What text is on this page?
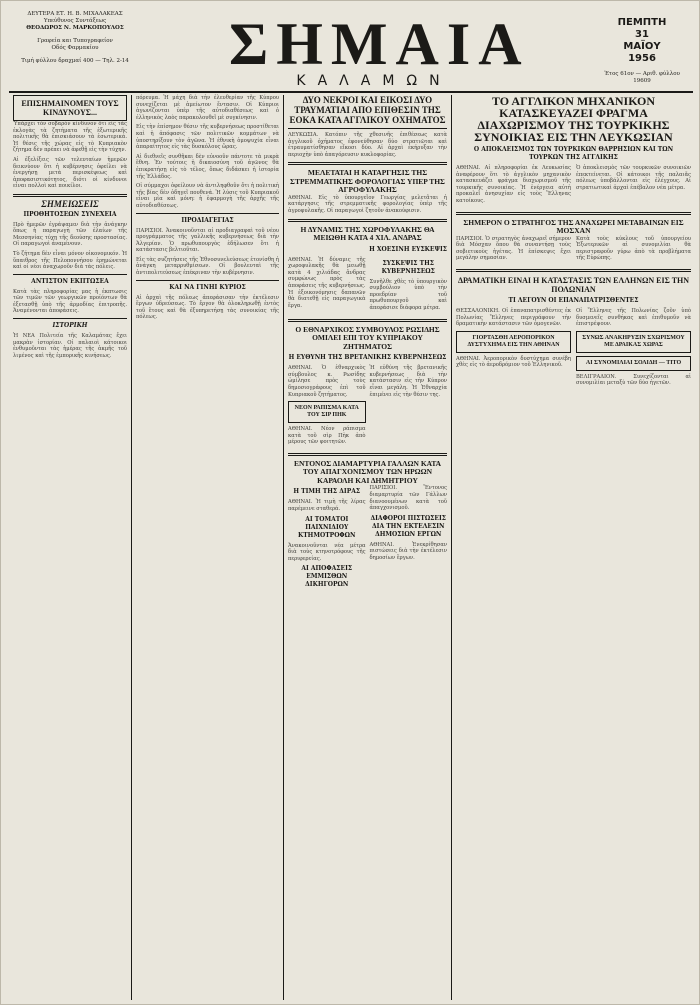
ΔΕΥΤΕΡΑ ΕΤ. Η. Β. ΜΙΧΑΛΑΚΕΑΣ
Υπεύθυνος Συντάξεως
ΘΕΟΔΩΡΟΣ Ν. ΜΑΡΚΟΠΟΥΛΟΣ
Γραφεία και Τυπογραφείον
Οδός Φαρμακίου
Τιμή φύλλου δραχμαί 400 — Τηλ. 2-14 ΣΗΜΑΙΑ
ΚΑΛΑΜΩΝ
ΠΕΜΠΤΗ
31
ΜΑΪΟΥ
1956
Έτος 61ον — Αριθ. φύλλου 19609
ΕΠΙΣΗΜΑΙΝΟΜΕΝ ΤΟΥΣ ΚΙΝΔΥΝΟΥΣ...

Ὑπάρχει τὸν σοβαρὸν κίνδυνον ὅτι εἰς τὰς ἐκλογὰς τὰ ζητήματα τῆς ἐξωτερικῆς πολιτικῆς θὰ ἐπισκιάσουν τὰ ἐσωτερικά. Ἡ θέσις τῆς χώρας εἰς τὸ Κυπριακὸν ζήτημα δὲν πρέπει νὰ ἀφεθῇ εἰς τὴν τύχην.

Αἱ ἐξελίξεις τῶν τελευταίων ἡμερῶν δεικνύουν ὅτι ἡ κυβέρνησις ὀφείλει νὰ ἐνεργήσῃ μετὰ περισκέψεως καὶ ἀποφασιστικότητος, διότι οἱ κίνδυνοι εἶναι πολλοὶ καὶ ποικίλοι.

ΣΗΜΕΙΩΣΕΙΣ
ΠΡΟΘΗΤΟΣΕΩΝ ΣΥΝΕΧΕΙΑ

Πρὸ ἡμερῶν ἐγράψαμεν διὰ τὴν ἀνάγκην ὅπως ἡ παραγωγὴ τῶν ἐλαίων τῆς Μεσσηνίας τύχῃ τῆς δεούσης προστασίας. Οἱ παραγωγοὶ ἀναμένουν.

Τὸ ζήτημα δὲν εἶναι μόνον οἰκονομικόν. Ἡ ὕπαιθρος τῆς Πελοποννήσου ἐρημώνεται καὶ οἱ νέοι ἀναχωροῦν διὰ τὰς πόλεις.

ΑΝΤΙΣΤΟΝ ΕΚΠΤΩΣΕΑ

Κατὰ τὰς πληροφορίας μας ἡ ἐκπτωσις τῶν τιμῶν τῶν γεωργικῶν προϊόντων θὰ ἐξετασθῇ ὑπὸ τῆς ἁρμοδίας ἐπιτροπῆς. Ἀναμένονται ἀποφάσεις.

ΙΣΤΟΡΙΚΗ

Ἡ ΝΕΑ Πολιτεία τῆς Καλαμάτας ἔχει μακρὰν ἱστορίαν. Οἱ παλαιοὶ κάτοικοι ἐνθυμοῦνται τὰς ἡμέρας τῆς ἀκμῆς τοῦ λιμένος καὶ τῆς ἐμπορικῆς κινήσεως.

πόρευμα. Ἡ μάχη διὰ τὴν ἐλευθερίαν τῆς Κύπρου συνεχίζεται μὲ ἀμείωτον ἔντασιν. Οἱ Κύπριοι ἀγωνίζονται ὑπὲρ τῆς αὐτοδιαθέσεως καὶ ὁ ἑλληνικὸς λαὸς παρακολουθεῖ μὲ συγκίνησιν.

Εἰς τὴν ἐπίσημον θέσιν τῆς κυβερνήσεως προστίθεται καὶ ἡ ἀπόφασις τῶν πολιτικῶν κομμάτων νὰ ὑποστηρίξουν τὸν ἀγῶνα. Ἡ ἐθνικὴ ὁμοψυχία εἶναι ἀπαραίτητος εἰς τὰς δυσκόλους ὥρας.

Αἱ διεθνεῖς συνθῆκαι δὲν εὐνοοῦν πάντοτε τὰ μικρὰ ἔθνη. Ἐν τούτοις ἡ δικαιοσύνη τοῦ ἀγῶνος θὰ ἐπικρατήσῃ εἰς τὸ τέλος, ὅπως διδάσκει ἡ ἱστορία τῆς Ἑλλάδος.

Οἱ σύμμαχοι ὀφείλουν νὰ ἀντιληφθοῦν ὅτι ἡ πολιτικὴ τῆς βίας δὲν ὁδηγεῖ πουθενά. Ἡ λύσις τοῦ Κυπριακοῦ εἶναι μία καὶ μόνη: ἡ ἐφαρμογὴ τῆς ἀρχῆς τῆς αὐτοδιαθέσεως.

ΠΡΟΔΙΑΓΕΓΙΑΣ

ΠΑΡΙΣΙΟΙ. Ἀνακοινοῦνται αἱ προδιαγραφαὶ τοῦ νέου προγράμματος τῆς γαλλικῆς κυβερνήσεως διὰ τὴν Ἀλγερίαν. Ὁ πρωθυπουργὸς ἐδήλωσεν ὅτι ἡ κατάστασις βελτιοῦται.

Εἰς τὰς συζητήσεις τῆς Ἐθνοσυνελεύσεως ἐτονίσθη ἡ ἀνάγκη μεταρρυθμίσεων. Οἱ βουλευταὶ τῆς ἀντιπολιτεύσεως ἐπέκριναν τὴν κυβέρνησιν.

ΚΑΙ ΝΑ ΓΙΝΗΙ ΚΥΡΙΟΣ

Αἱ ἀρχαὶ τῆς πόλεως ἀπεφάσισαν τὴν ἐκτέλεσιν ἔργων ὑδρεύσεως. Τὸ ἔργον θὰ ὁλοκληρωθῇ ἐντὸς τοῦ ἔτους καὶ θὰ ἐξυπηρετήσῃ τὰς συνοικίας τῆς πόλεως.

ΔΥΟ ΝΕΚΡΟΙ ΚΑΙ ΕΙΚΟΣΙ ΔΥΟ ΤΡΑΥΜΑΤΙΑΙ ΑΠΟ ΕΠΙΘΕΣΙΝ ΤΗΣ ΕΟΚΑ ΚΑΤΑ ΑΓΓΛΙΚΟΥ ΟΧΗΜΑΤΟΣ

ΛΕΥΚΩΣΙΑ. Κατόπιν τῆς χθεσινῆς ἐπιθέσεως κατὰ ἀγγλικοῦ ὀχήματος ἐφονεύθησαν δύο στρατιῶται καὶ ἐτραυματίσθησαν εἴκοσι δύο. Αἱ ἀρχαὶ ἐκήρυξαν τὴν περιοχὴν ὑπὸ ἀπαγόρευσιν κυκλοφορίας.

ΜΕΛΕΤΑΤΑΙ Η ΚΑΤΑΡΓΗΣΙΣ ΤΗΣ ΣΤΡΕΜΜΑΤΙΚΗΣ ΦΟΡΟΛΟΓΙΑΣ ΥΠΕΡ ΤΗΣ ΑΓΡΟΦΥΛΑΚΗΣ

ΑΘΗΝΑΙ. Εἰς τὸ ὑπουργεῖον Γεωργίας μελετᾶται ἡ κατάργησις τῆς στρεμματικῆς φορολογίας ὑπὲρ τῆς ἀγροφυλακῆς. Οἱ παραγωγοὶ ζητοῦν ἀνακούφισιν.

Η ΔΥΝΑΜΙΣ ΤΗΣ ΧΩΡΟΦΥΛΑΚΗΣ ΘΑ ΜΕΙΩΘΗ ΚΑΤΑ 4 ΧΙΛ. ΑΝΔΡΑΣ
Η ΧΟΕΣΙΝΗ ΕΥΣΚΕΨΙΣ

ΑΘΗΝΑΙ. Ἡ δύναμις τῆς χωροφυλακῆς θὰ μειωθῇ κατὰ 4 χιλιάδας ἄνδρας συμφώνως πρὸς τὰς ἀποφάσεις τῆς κυβερνήσεως. Ἡ ἐξοικονόμησις δαπανῶν θὰ διατεθῇ εἰς παραγωγικὰ ἔργα.

ΣΥΣΚΕΨΙΣ ΤΗΣ ΚΥΒΕΡΝΗΣΕΩΣ

Συνῆλθε χθὲς τὸ ὑπουργικὸν συμβούλιον ὑπὸ τὴν προεδρίαν τοῦ πρωθυπουργοῦ καὶ ἀπεφάσισε διάφορα μέτρα.

Ο ΕΘΝΑΡΧΙΚΟΣ ΣΥΜΒΟΥΛΟΣ ΡΩΣΙΔΗΣ ΟΜΙΛΕΙ ΕΠΙ ΤΟΥ ΚΥΠΡΙΑΚΟΥ ΖΗΤΗΜΑΤΟΣ
Η ΕΥΘΥΝΗ ΤΗΣ ΒΡΕΤΑΝΙΚΗΣ ΚΥΒΕΡΝΗΣΕΩΣ

ΑΘΗΝΑΙ. Ὁ ἐθναρχικὸς σύμβουλος κ. Ρωσίδης ὡμίλησε πρὸς τοὺς δημοσιογράφους ἐπὶ τοῦ Κυπριακοῦ ζητήματος.

ΝΕΟΝ ΡΑΠΙΣΜΑ ΚΑΤΑ ΤΟΥ ΣΙΡ ΠΗΚ

ΑΘΗΝΑΙ. Νέον ράπισμα κατὰ τοῦ σὶρ Πὴκ ἀπὸ μέρους τῶν φοιτητῶν.

Ἡ εὐθύνη τῆς βρετανικῆς κυβερνήσεως διὰ τὴν κατάστασιν εἰς τὴν Κύπρον εἶναι μεγάλη. Ἡ Ἐθναρχία ἐπιμένει εἰς τὴν θέσιν της.

ΕΝΤΟΝΟΣ ΔΙΑΜΑΡΤΥΡΙΑ ΓΑΛΛΩΝ ΚΑΤΑ ΤΟΥ ΑΠΑΓΧΟΝΙΣΜΟΥ ΤΩΝ ΗΡΩΩΝ ΚΑΡΑΟΛΗ ΚΑΙ ΔΗΜΗΤΡΙΟΥ
Η ΤΙΜΗ ΤΗΣ ΔΙΡΑΣ

ΑΘΗΝΑΙ. Ἡ τιμὴ τῆς λίρας παρέμεινε σταθερά.

ΑΙ ΤΟΜΑΤΟΙ ΠΑΙΧΝΙΔΙΟΥ ΚΤΗΜΟΤΡΟΦΩΝ

Ἀνακοινοῦνται νέα μέτρα διὰ τοὺς κτηνοτρόφους τῆς περιφερείας.

ΑΙ ΑΠΟΦΑΣΕΙΣ ΕΜΜΙΣΘΩΝ ΔΙΚΗΓΟΡΩΝ

ΠΑΡΙΣΙΟΙ. Ἔντονος διαμαρτυρία τῶν Γάλλων διανοουμένων κατὰ τοῦ ἀπαγχονισμοῦ.

ΔΙΑΦΟΡΟΙ ΠΙΣΤΩΣΕΙΣ ΔΙΑ ΤΗΝ ΕΚΤΕΛΕΣΙΝ ΔΗΜΟΣΙΩΝ ΕΡΓΩΝ

ΑΘΗΝΑΙ. Ἐνεκρίθησαν πιστώσεις διὰ τὴν ἐκτέλεσιν δημοσίων ἔργων.

ΤΟ ΑΓΓΛΙΚΟΝ ΜΗΧΑΝΙΚΟΝ ΚΑΤΑΣΚΕΥΑΖΕΙ ΦΡΑΓΜΑ ΔΙΑΧΩΡΙΣΜΟΥ ΤΗΣ ΤΟΥΡΚΙΚΗΣ ΣΥΝΟΙΚΙΑΣ ΕΙΣ ΤΗΝ ΛΕΥΚΩΣΙΑΝ
Ο ΑΠΟΚΛΕΙΣΜΟΣ ΤΩΝ ΤΟΥΡΚΙΚΩΝ ΘΑΡΡΗΣΙΩΝ ΚΑΙ ΤΩΝ ΤΟΥΡΚΩΝ ΤΗΣ ΑΓΓΛΙΚΗΣ

ΑΘΗΝΑΙ. Αἱ πληροφορίαι ἐκ Λευκωσίας ἀναφέρουν ὅτι τὸ ἀγγλικὸν μηχανικὸν κατασκευάζει φράγμα διαχωρισμοῦ τῆς τουρκικῆς συνοικίας. Ἡ ἐνέργεια αὐτὴ προκαλεῖ ἀνησυχίαν εἰς τοὺς Ἕλληνας κατοίκους.

Ὁ ἀποκλεισμὸς τῶν τουρκικῶν συνοικιῶν ἐπεκτείνεται. Οἱ κάτοικοι τῆς παλαιᾶς πόλεως ὑποβάλλονται εἰς ἐλέγχους. Αἱ στρατιωτικαὶ ἀρχαὶ ἐπέβαλον νέα μέτρα.

ΣΗΜΕΡΟΝ Ο ΣΤΡΑΤΗΓΟΣ ΤΗΣ ΑΝΑΧΩΡΕΙ ΜΕΤΑΒΑΙΝΩΝ ΕΙΣ ΜΟΣΧΑΝ

ΠΑΡΙΣΙΟΙ. Ὁ στρατηγὸς ἀναχωρεῖ σήμερον διὰ Μόσχαν ὅπου θὰ συναντήσῃ τοὺς σοβιετικοὺς ἡγέτας. Ἡ ἐπίσκεψις ἔχει μεγάλην σημασίαν.

Κατὰ τοὺς κύκλους τοῦ ὑπουργείου Ἐξωτερικῶν αἱ συνομιλίαι θὰ περιστραφοῦν γύρω ἀπὸ τὰ προβλήματα τῆς Εὐρώπης.

ΔΡΑΜΑΤΙΚΗ ΕΙΝΑΙ Η ΚΑΤΑΣΤΑΣΙΣ ΤΩΝ ΕΛΛΗΝΩΝ ΕΙΣ ΤΗΝ ΠΟΛΩΝΙΑΝ
ΤΙ ΛΕΓΟΥΝ ΟΙ ΕΠΑΝΑΠΑΤΡΙΣΘΕΝΤΕΣ

ΘΕΣΣΑΛΟΝΙΚΗ. Οἱ ἐπαναπατρισθέντες ἐκ Πολωνίας Ἕλληνες περιγράφουν τὴν δραματικὴν κατάστασιν τῶν ὁμογενῶν.

ΓΙΟΡΤΑΣΘΗ ΑΕΡΟΠΟΡΙΚΟΝ ΔΥΣΤΥΧΗΜΑ ΕΙΣ ΤΗΝ ΑΘΗΝΑΝ

ΑΘΗΝΑΙ. Ἀεροπορικὸν δυστύχημα συνέβη χθὲς εἰς τὸ ἀεροδρόμιον τοῦ Ἑλληνικοῦ.

Οἱ Ἕλληνες τῆς Πολωνίας ζοῦν ὑπὸ δυσμενεῖς συνθήκας καὶ ἐπιθυμοῦν νὰ ἐπιστρέψουν.

ΣΥΝΩΣ ΑΝΑΚΗΡΥΞΙΝ ΣΧΩΡΙΣΜΟΥ ΜΕ ΔΡΑΙΚΑΣ ΧΩΡΑΣ
ΑΙ ΣΥΝΟΜΙΛΙΑΙ ΣΟΛΙΔΗ — ΤΙΤΟ

ΒΕΛΙΓΡΑΔΙΟΝ. Συνεχίζονται αἱ συνομιλίαι μεταξὺ τῶν δύο ἡγετῶν.
